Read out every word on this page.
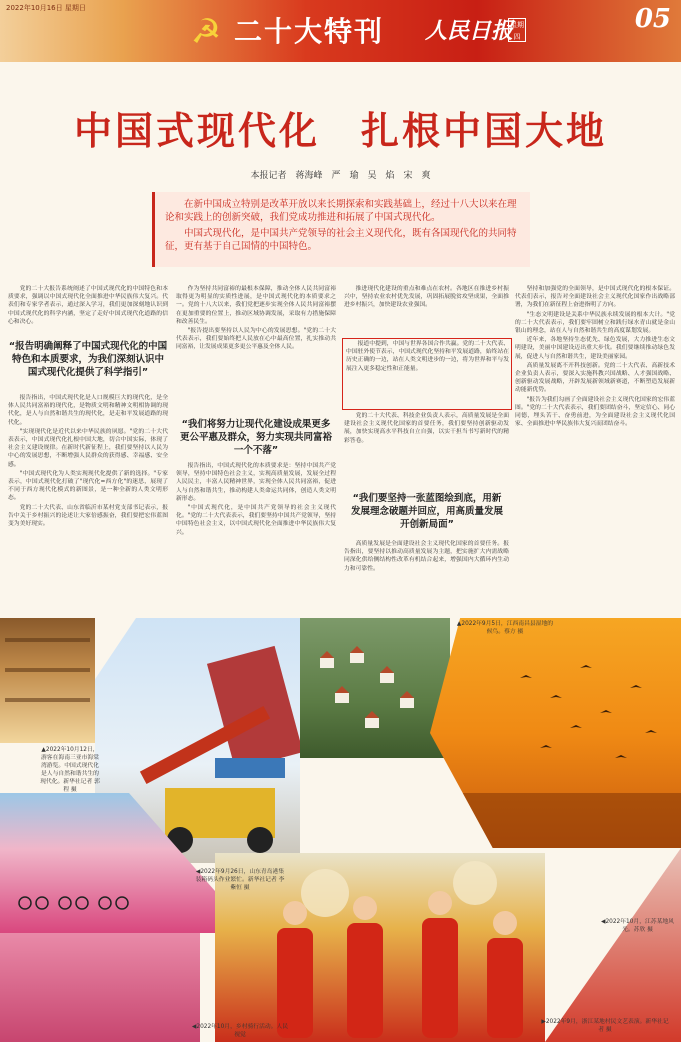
2022年10月16日 星期日
☭ 二十大特刊 人民日报
星期四
05
中国式现代化　扎根中国大地
本报记者　蒋海峰　严　瑜　吴　焰　宋　爽

在新中国成立特别是改革开放以来长期探索和实践基础上，经过十八大以来在理论和实践上的创新突破，我们党成功推进和拓展了中国式现代化。

中国式现代化，是中国共产党领导的社会主义现代化，既有各国现代化的共同特征，更有基于自己国情的中国特色。

党的二十大报告系统阐述了中国式现代化的中国特色和本质要求，强调以中国式现代化全面推进中华民族伟大复兴。代表们和专家学者表示，通过深入学习，我们更加深刻地认识到中国式现代化的科学内涵，坚定了走好中国式现代化道路的信心和决心。

“报告明确阐释了中国式现代化的中国特色和本质要求，为我们深刻认识中国式现代化提供了科学指引”

报告指出，中国式现代化是人口规模巨大的现代化，是全体人民共同富裕的现代化，是物质文明和精神文明相协调的现代化，是人与自然和谐共生的现代化，是走和平发展道路的现代化。

"实现现代化是近代以来中华民族的夙愿。"党的二十大代表表示，中国式现代化扎根中国大地，切合中国实际，体现了社会主义建设规律。在新时代新征程上，我们要坚持以人民为中心的发展思想，不断增强人民群众的获得感、幸福感、安全感。

"中国式现代化为人类实现现代化提供了新的选择。"专家表示，中国式现代化打破了"现代化=西方化"的迷思，展现了不同于西方现代化模式的新图景，是一种全新的人类文明形态。

党的二十大代表、山东省临沂市某村党支部书记表示，报告中关于乡村振兴的论述让大家倍感振奋，我们要把宏伟蓝图变为美好现实。

作为坚持共同富裕的最根本保障，推动全体人民共同富裕取得更为明显的实质性进展，是中国式现代化的本质要求之一。党的十八大以来，我们党把逐步实现全体人民共同富裕摆在更加重要的位置上，推动区域协调发展，采取有力措施保障和改善民生。

"报告提出要坚持以人民为中心的发展思想。"党的二十大代表表示，我们要始终把人民放在心中最高位置，扎实推动共同富裕，让发展成果更多更公平惠及全体人民。

“我们将努力让现代化建设成果更多更公平惠及群众，努力实现共同富裕一个不落”

报告指出，中国式现代化的本质要求是：坚持中国共产党领导，坚持中国特色社会主义，实现高质量发展，发展全过程人民民主，丰富人民精神世界，实现全体人民共同富裕，促进人与自然和谐共生，推动构建人类命运共同体，创造人类文明新形态。

"中国式现代化，是中国共产党领导的社会主义现代化。"党的二十大代表表示，我们要坚持中国共产党领导，坚持中国特色社会主义，以中国式现代化全面推进中华民族伟大复兴。

推进现代化建设的重点和难点在农村。各地区在推进乡村振兴中，坚持农业农村优先发展，巩固拓展脱贫攻坚成果，全面推进乡村振兴，加快建设农业强国。

报道中提到，中国与世界各国合作共赢。党的二十大代表、中国驻外使节表示，中国式现代化坚持和平发展道路，始终站在历史正确的一边，站在人类文明进步的一边，将为世界和平与发展注入更多稳定性和正能量。

党的二十大代表、科技企业负责人表示，高质量发展是全面建设社会主义现代化国家的首要任务，我们要坚持创新驱动发展，加快实现高水平科技自立自强，以实干担当书写新时代的精彩答卷。

“我们要坚持一张蓝图绘到底，用新发展理念破题并回应，用高质量发展开创新局面”

高质量发展是全面建设社会主义现代化国家的首要任务。报告指出，要坚持以推动高质量发展为主题，把实施扩大内需战略同深化供给侧结构性改革有机结合起来，增强国内大循环内生动力和可靠性。

坚持和加强党的全面领导，是中国式现代化的根本保证。代表们表示，报告对全面建设社会主义现代化国家作出战略部署，为我们在新征程上奋进指明了方向。

"生态文明建设是关系中华民族永续发展的根本大计。"党的二十大代表表示，我们要牢固树立和践行绿水青山就是金山银山的理念，站在人与自然和谐共生的高度谋划发展。

近年来，各地坚持生态优先、绿色发展，大力推进生态文明建设，美丽中国建设迈出重大步伐。我们要继续推动绿色发展，促进人与自然和谐共生，建设美丽家园。

高质量发展离不开科技创新。党的二十大代表、高新技术企业负责人表示，要深入实施科教兴国战略、人才强国战略、创新驱动发展战略，开辟发展新领域新赛道，不断塑造发展新动能新优势。

"报告为我们勾画了全面建设社会主义现代化国家的宏伟蓝图。"党的二十大代表表示，我们要团结奋斗，坚定信心、同心同德，埋头苦干、奋勇前进，为全面建设社会主义现代化国家、全面推进中华民族伟大复兴而团结奋斗。

▲2022年10月12日，游客在海南三亚市海棠湾游览。中国式现代化是人与自然和谐共生的现代化。新华社记者 郭程 摄
◀2022年9月26日，山东青岛港集装箱码头作业繁忙。新华社记者 李紫恒 摄
▲2022年9月5日，江西南昌县湿地的候鸟。蔡方 摄
◀2022年10月，江苏某地风光。苏欣 摄
▶2022年9月，浙江某地村民文艺表演。新华社记者 摄
◀2022年10月，乡村骑行活动。人民视觉
